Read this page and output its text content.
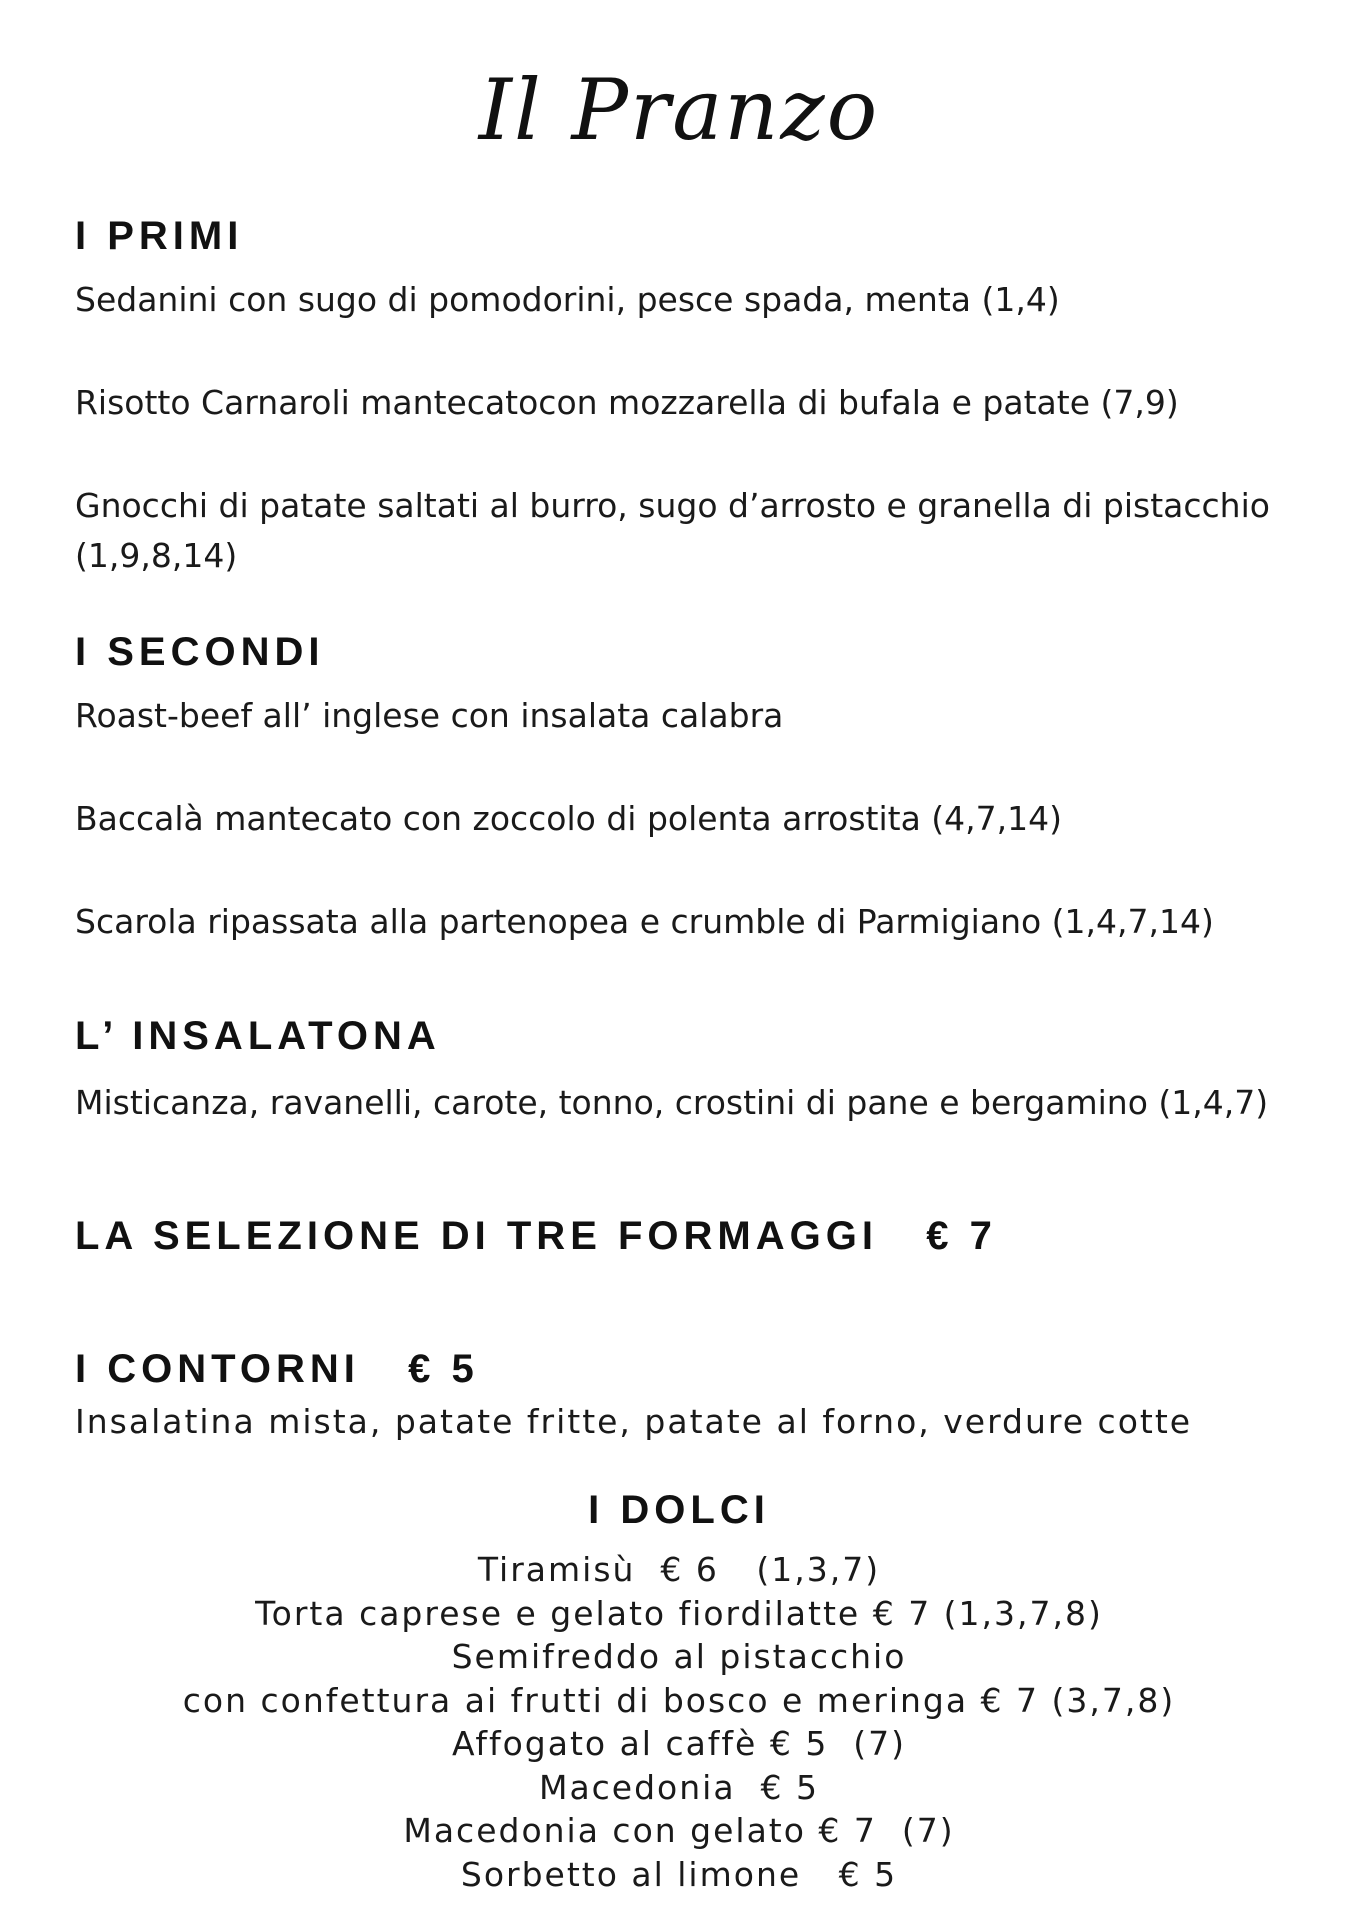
Il Pranzo
I PRIMI
Sedanini con sugo di pomodorini, pesce spada, menta (1,4)
Risotto Carnaroli mantecatocon mozzarella di bufala e patate (7,9)
Gnocchi di patate saltati al burro, sugo d’arrosto e granella di pistacchio (1,9,8,14)
I SECONDI
Roast-beef all’ inglese con insalata calabra
Baccalà mantecato con zoccolo di polenta arrostita (4,7,14)
Scarola ripassata alla partenopea e crumble di Parmigiano (1,4,7,14)
L’ INSALATONA
Misticanza, ravanelli, carote, tonno, crostini di pane e bergamino (1,4,7)
LA SELEZIONE DI TRE FORMAGGI   € 7
I CONTORNI   € 5
Insalatina mista, patate fritte, patate al forno, verdure cotte
I DOLCI
Tiramisù  € 6   (1,3,7)
Torta caprese e gelato fiordilatte € 7 (1,3,7,8)
Semifreddo al pistacchio
con confettura ai frutti di bosco e meringa € 7 (3,7,8)
Affogato al caffè € 5  (7)
Macedonia  € 5
Macedonia con gelato € 7  (7)
Sorbetto al limone   € 5
